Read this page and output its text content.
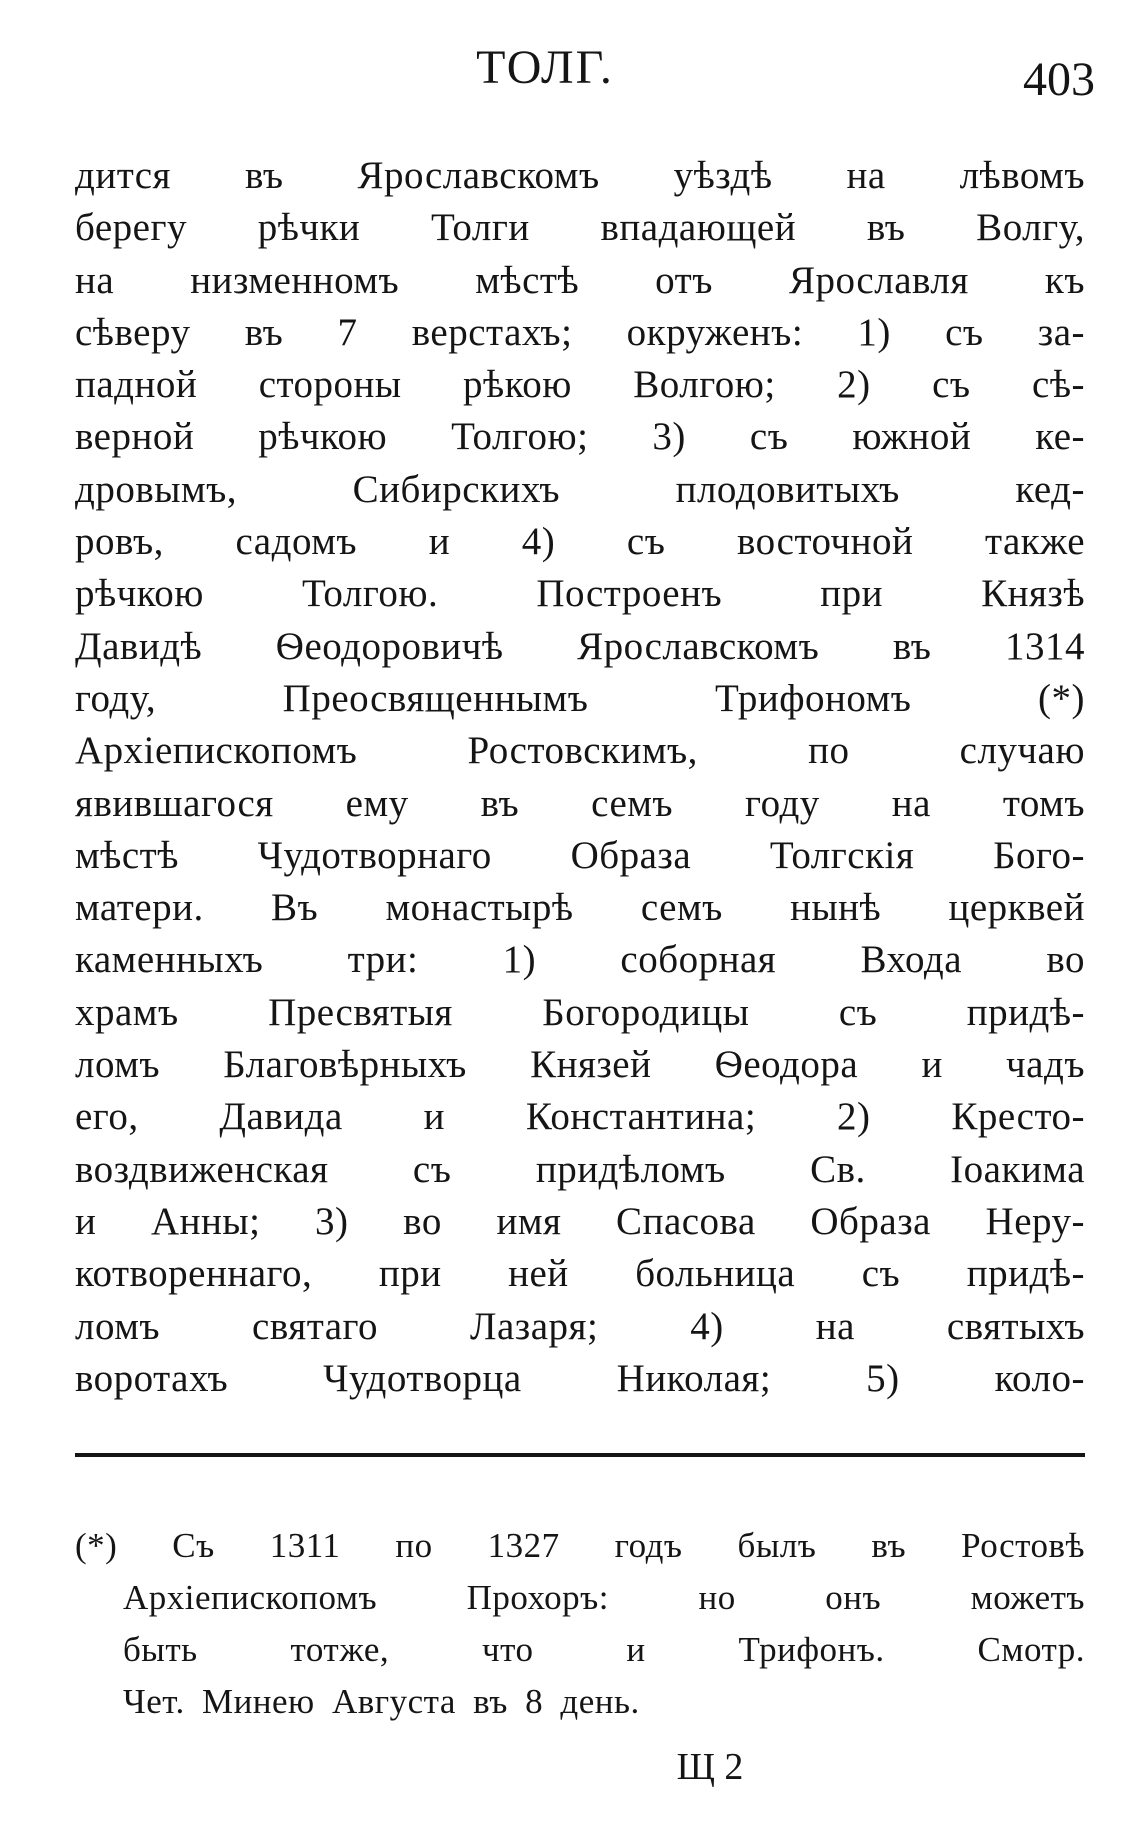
ТОЛГ.	403
дится въ Ярославскомъ уѣздѣ на лѣвомъ
берегу рѣчки Толги впадающей въ Волгу,
на низменномъ мѣстѣ отъ Ярославля къ
сѣверу въ 7 верстахъ; окруженъ: 1) съ за-
падной стороны рѣкою Волгою; 2) съ сѣ-
верной рѣчкою Толгою; 3) съ южной ке-
дровымъ, Сибирскихъ плодовитыхъ кед-
ровъ, садомъ и 4) съ восточной также
рѣчкою Толгою. Построенъ при Князѣ
Давидѣ Ѳеодоровичѣ Ярославскомъ въ 1314
году, Преосвященнымъ Трифономъ (*)
Архіепископомъ Ростовскимъ, по случаю
явившагося ему въ семъ году на томъ
мѣстѣ Чудотворнаго Образа Толгскія Бого-
матери. Въ монастырѣ семъ нынѣ церквей
каменныхъ три: 1) соборная Входа во
храмъ Пресвятыя Богородицы съ придѣ-
ломъ Благовѣрныхъ Князей Ѳеодора и чадъ
его, Давида и Константина; 2) Кресто-
воздвиженская съ придѣломъ Св. Іоакима
и Анны; 3) во имя Спасова Образа Неру-
котвореннаго, при ней больница съ придѣ-
ломъ святаго Лазаря; 4) на святыхъ
воротахъ Чудотворца Николая; 5) коло-
(*) Съ 1311 по 1327 годъ былъ въ Ростовѣ
Архіепископомъ Прохоръ: но онъ можетъ
быть тотже, что и Трифонъ. Смотр.
Чет. Минею Августа въ 8 день.
Щ 2
